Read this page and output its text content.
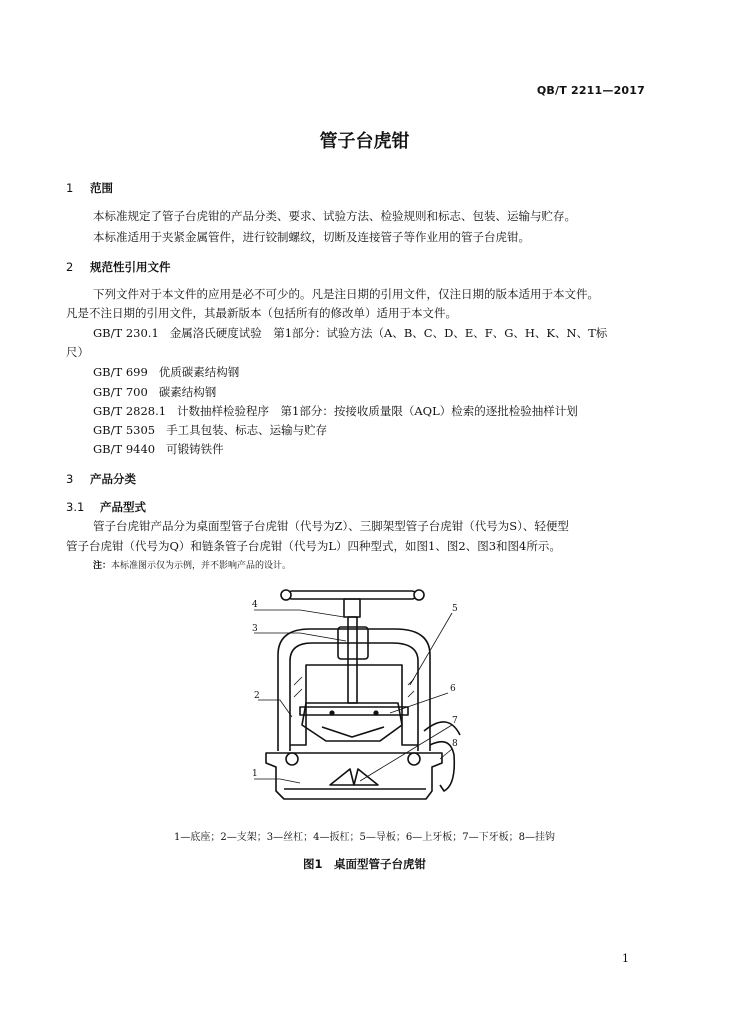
QB/T 2211—2017
管子台虎钳
1 范围
本标准规定了管子台虎钳的产品分类、要求、试验方法、检验规则和标志、包装、运输与贮存。
本标准适用于夹紧金属管件，进行铰制螺纹，切断及连接管子等作业用的管子台虎钳。
2 规范性引用文件
下列文件对于本文件的应用是必不可少的。凡是注日期的引用文件，仅注日期的版本适用于本文件。
凡是不注日期的引用文件，其最新版本（包括所有的修改单）适用于本文件。
GB/T 230.1 金属洛氏硬度试验　第1部分：试验方法（A、B、C、D、E、F、G、H、K、N、T标
尺）
GB/T 699 优质碳素结构钢
GB/T 700 碳素结构钢
GB/T 2828.1 计数抽样检验程序　第1部分：按接收质量限（AQL）检索的逐批检验抽样计划
GB/T 5305 手工具包装、标志、运输与贮存
GB/T 9440 可锻铸铁件
3 产品分类
3.1 产品型式
管子台虎钳产品分为桌面型管子台虎钳（代号为Z）、三脚架型管子台虎钳（代号为S）、轻便型
管子台虎钳（代号为Q）和链条管子台虎钳（代号为L）四种型式，如图1、图2、图3和图4所示。
注：本标准图示仅为示例，并不影响产品的设计。
4
3
2
1
5
6
7
8
1—底座；2—支架；3—丝杠；4—扳杠；5—导板；6—上牙板；7—下牙板；8—挂钩
图1　桌面型管子台虎钳
1
